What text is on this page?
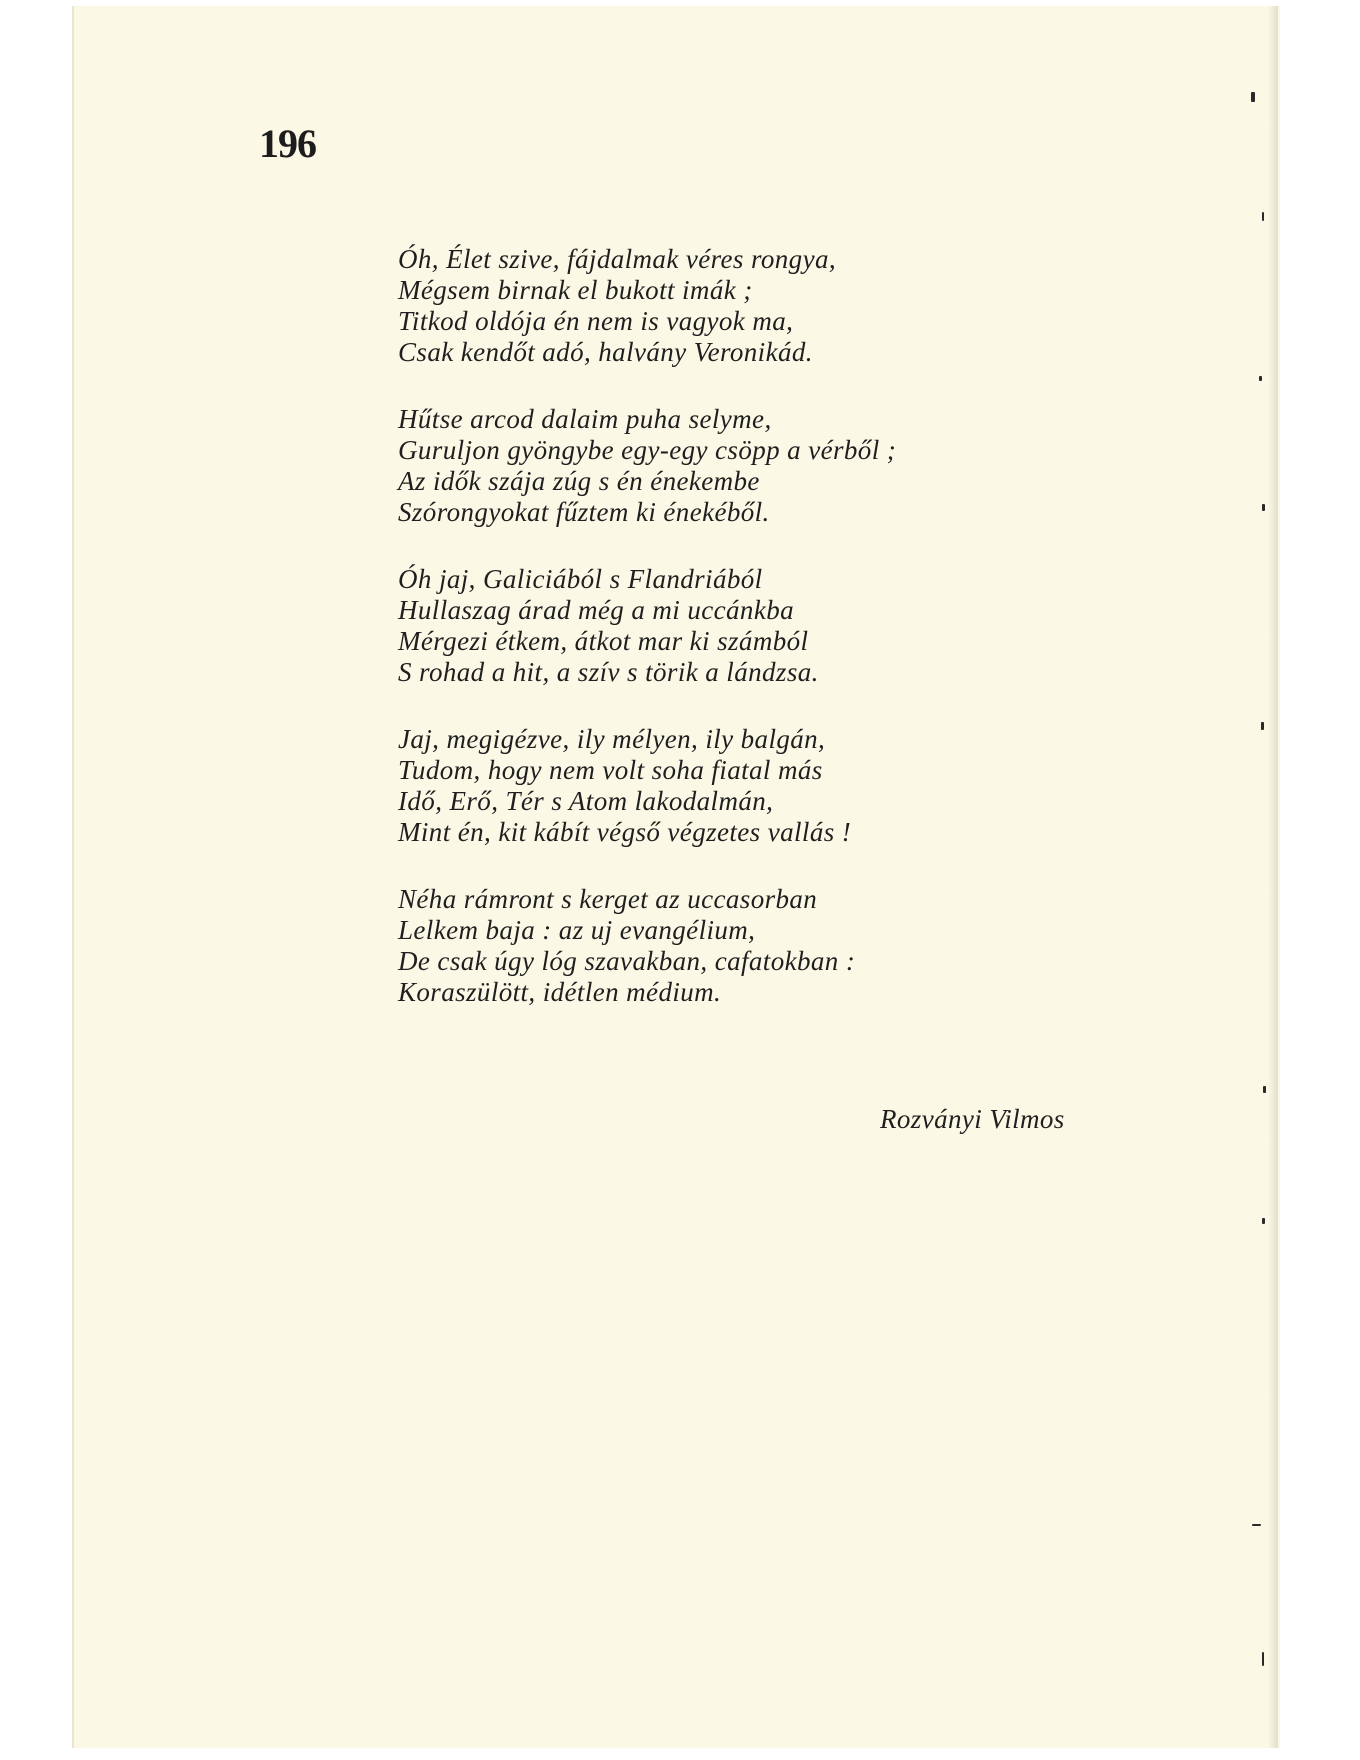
196
Óh, Élet szive, fájdalmak véres rongya,
Mégsem birnak el bukott imák ;
Titkod oldója én nem is vagyok ma,
Csak kendőt adó, halvány Veronikád.
Hűtse arcod dalaim puha selyme,
Guruljon gyöngybe egy-egy csöpp a vérből ;
Az idők szája zúg s én énekembe
Szórongyokat fűztem ki énekéből.
Óh jaj, Galiciából s Flandriából
Hullaszag árad még a mi uccánkba
Mérgezi étkem, átkot mar ki számból
S rohad a hit, a szív s törik a lándzsa.
Jaj, megigézve, ily mélyen, ily balgán,
Tudom, hogy nem volt soha fiatal más
Idő, Erő, Tér s Atom lakodalmán,
Mint én, kit kábít végső végzetes vallás !
Néha rámront s kerget az uccasorban
Lelkem baja : az uj evangélium,
De csak úgy lóg szavakban, cafatokban :
Koraszülött, idétlen médium.
Rozványi Vilmos
